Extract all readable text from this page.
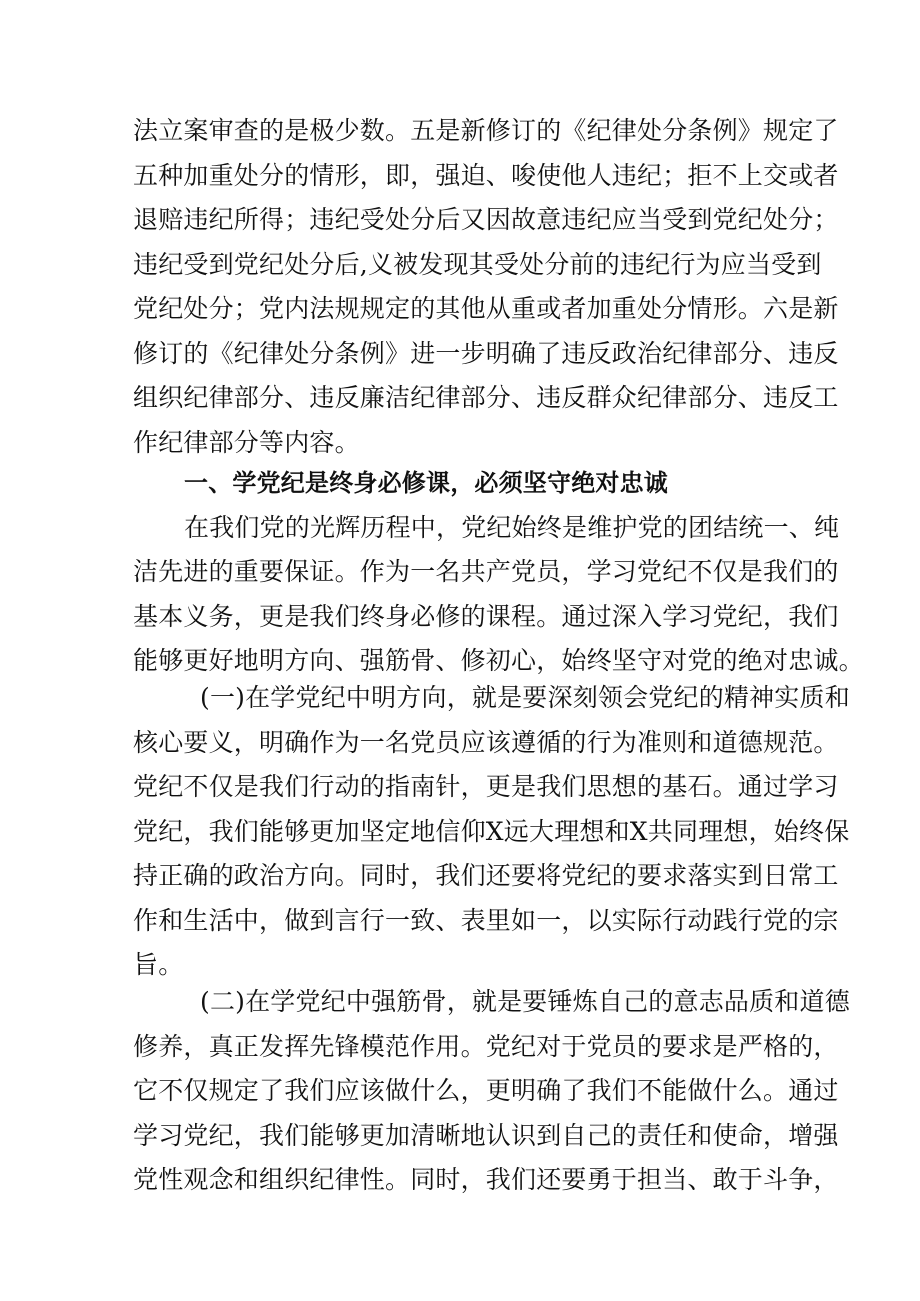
法立案审查的是极少数。五是新修订的《纪律处分条例》规定了
五种加重处分的情形，即，强迫、唆使他人违纪；拒不上交或者
退赔违纪所得；违纪受处分后又因故意违纪应当受到党纪处分；
违纪受到党纪处分后,义被发现其受处分前的违纪行为应当受到
党纪处分；党内法规规定的其他从重或者加重处分情形。六是新
修订的《纪律处分条例》进一步明确了违反政治纪律部分、违反
组织纪律部分、违反廉洁纪律部分、违反群众纪律部分、违反工
作纪律部分等内容。
一、学党纪是终身必修课，必须坚守绝对忠诚
在我们党的光辉历程中，党纪始终是维护党的团结统一、纯
洁先进的重要保证。作为一名共产党员，学习党纪不仅是我们的
基本义务，更是我们终身必修的课程。通过深入学习党纪，我们
能够更好地明方向、强筋骨、修初心，始终坚守对党的绝对忠诚。
(一)在学党纪中明方向，就是要深刻领会党纪的精神实质和
核心要义，明确作为一名党员应该遵循的行为准则和道德规范。
党纪不仅是我们行动的指南针，更是我们思想的基石。通过学习
党纪，我们能够更加坚定地信仰X远大理想和X共同理想，始终保
持正确的政治方向。同时，我们还要将党纪的要求落实到日常工
作和生活中，做到言行一致、表里如一，以实际行动践行党的宗
旨。
(二)在学党纪中强筋骨，就是要锤炼自己的意志品质和道德
修养，真正发挥先锋模范作用。党纪对于党员的要求是严格的，
它不仅规定了我们应该做什么，更明确了我们不能做什么。通过
学习党纪，我们能够更加清晰地认识到自己的责任和使命，增强
党性观念和组织纪律性。同时，我们还要勇于担当、敢于斗争，
